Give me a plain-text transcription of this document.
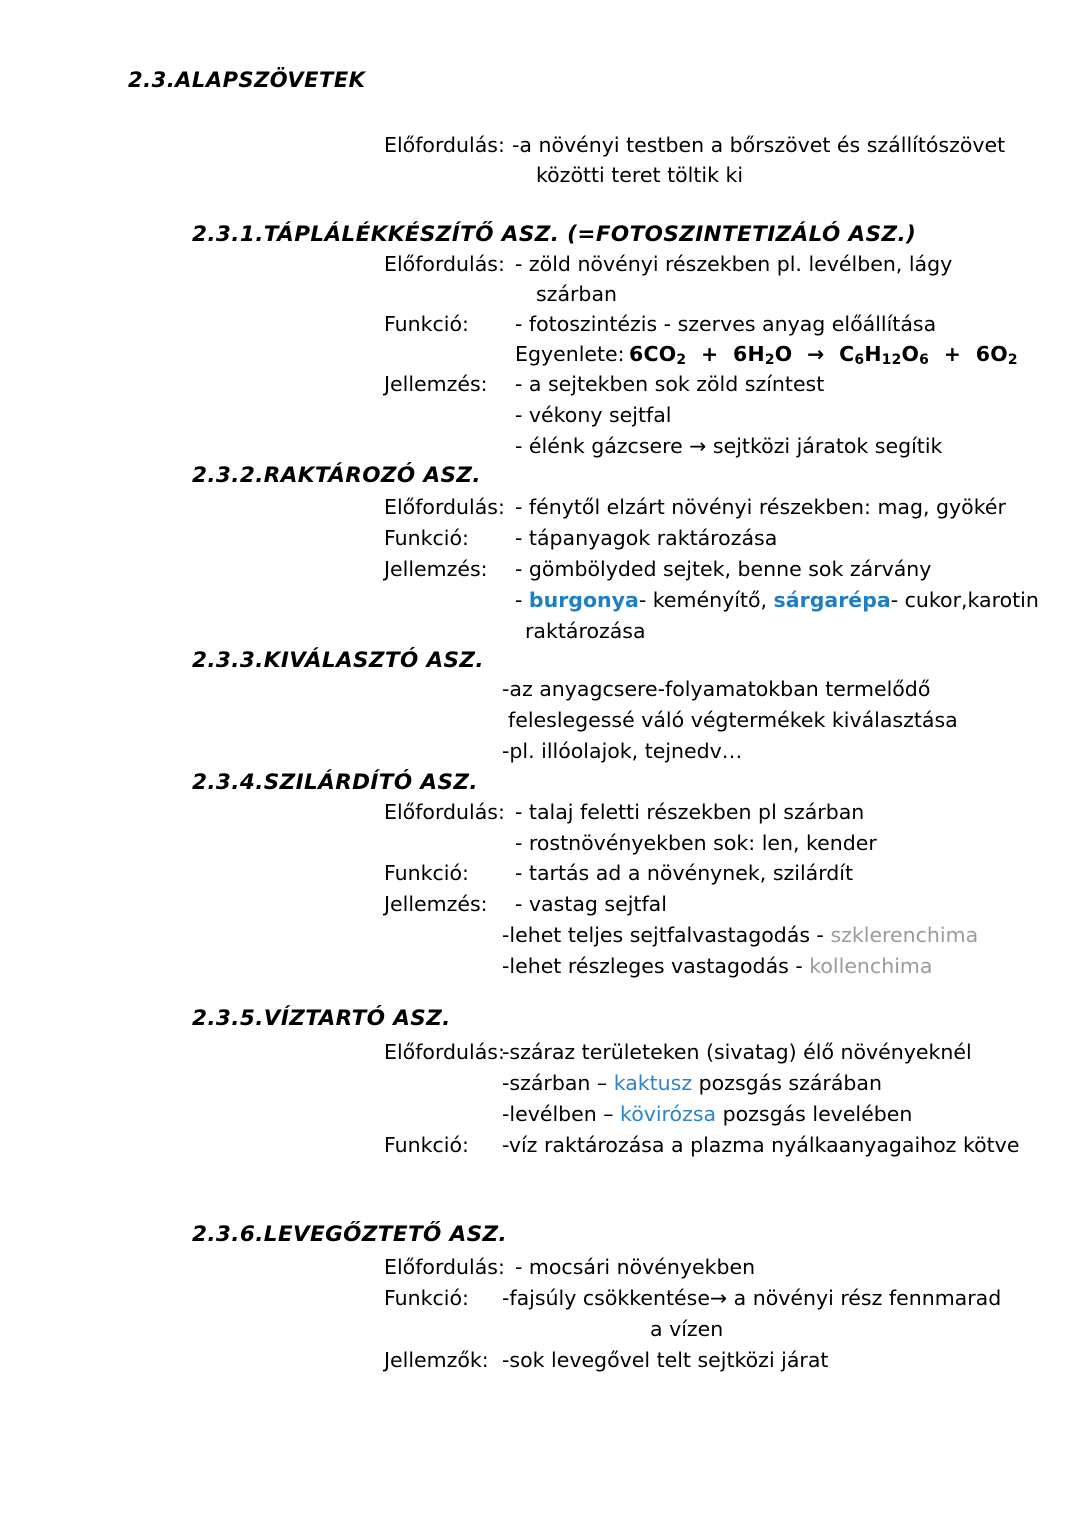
2.3.ALAPSZÖVETEK
Előfordulás: -a növényi testben a bőrszövet és szállítószövet
közötti teret töltik ki
2.3.1.TÁPLÁLÉKKÉSZÍTŐ ASZ. (=FOTOSZINTETIZÁLÓ ASZ.)
Előfordulás: - zöld növényi részekben pl. levélben, lágy
szárban
Funkció: - fotoszintézis - szerves anyag előállítása
Egyenlete: $6CO_2 + 6H_2O \to C_6H_{12}O_6 + 6O_2$
Jellemzés: - a sejtekben sok zöld színtest
- vékony sejtfal
- élénk gázcsere → sejtközi járatok segítik
2.3.2.RAKTÁROZÓ ASZ.
Előfordulás: - fénytől elzárt növényi részekben: mag, gyökér
Funkció: - tápanyagok raktározása
Jellemzés: - gömbölyded sejtek, benne sok zárvány
- burgonya- keményítő, sárgarépa- cukor,karotin
raktározása
2.3.3.KIVÁLASZTÓ ASZ.
-az anyagcsere-folyamatokban termelődő
feleslegessé váló végtermékek kiválasztása
-pl. illóolajok, tejnedv…
2.3.4.SZILÁRDÍTÓ ASZ.
Előfordulás: - talaj feletti részekben pl szárban
- rostnövényekben sok: len, kender
Funkció: - tartás ad a növénynek, szilárdít
Jellemzés: - vastag sejtfal
-lehet teljes sejtfalvastagodás - szklerenchima
-lehet részleges vastagodás - kollenchima
2.3.5.VÍZTARTÓ ASZ.
Előfordulás:
-száraz területeken (sivatag) élő növényeknél
-szárban – kaktusz pozsgás szárában
-levélben – kövirózsa pozsgás levelében
Funkció: -víz raktározása a plazma nyálkaanyagaihoz kötve
2.3.6.LEVEGŐZTETŐ ASZ.
Előfordulás: - mocsári növényekben
Funkció: -fajsúly csökkentése→ a növényi rész fennmarad
a vízen
Jellemzők: -sok levegővel telt sejtközi járat
